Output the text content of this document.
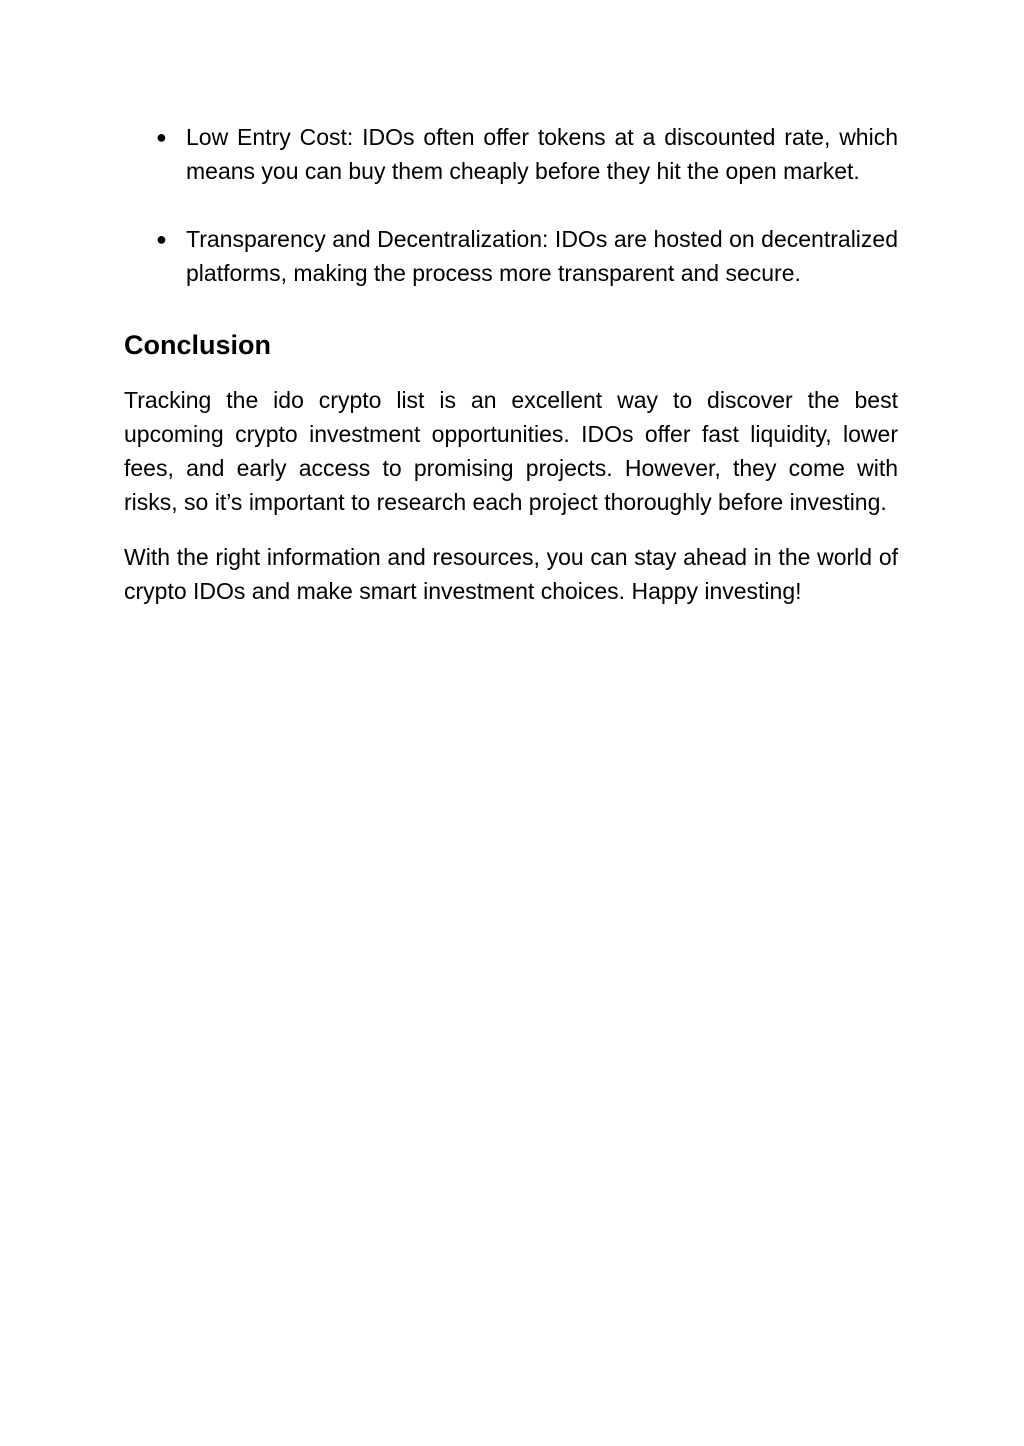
● Low Entry Cost: IDOs often offer tokens at a discounted rate, which means you can buy them cheaply before they hit the open market.
● Transparency and Decentralization: IDOs are hosted on decentralized platforms, making the process more transparent and secure.
Conclusion

Tracking the ido crypto list is an excellent way to discover the best upcoming crypto investment opportunities. IDOs offer fast liquidity, lower fees, and early access to promising projects. However, they come with risks, so it’s important to research each project thoroughly before investing.

With the right information and resources, you can stay ahead in the world of crypto IDOs and make smart investment choices. Happy investing!
